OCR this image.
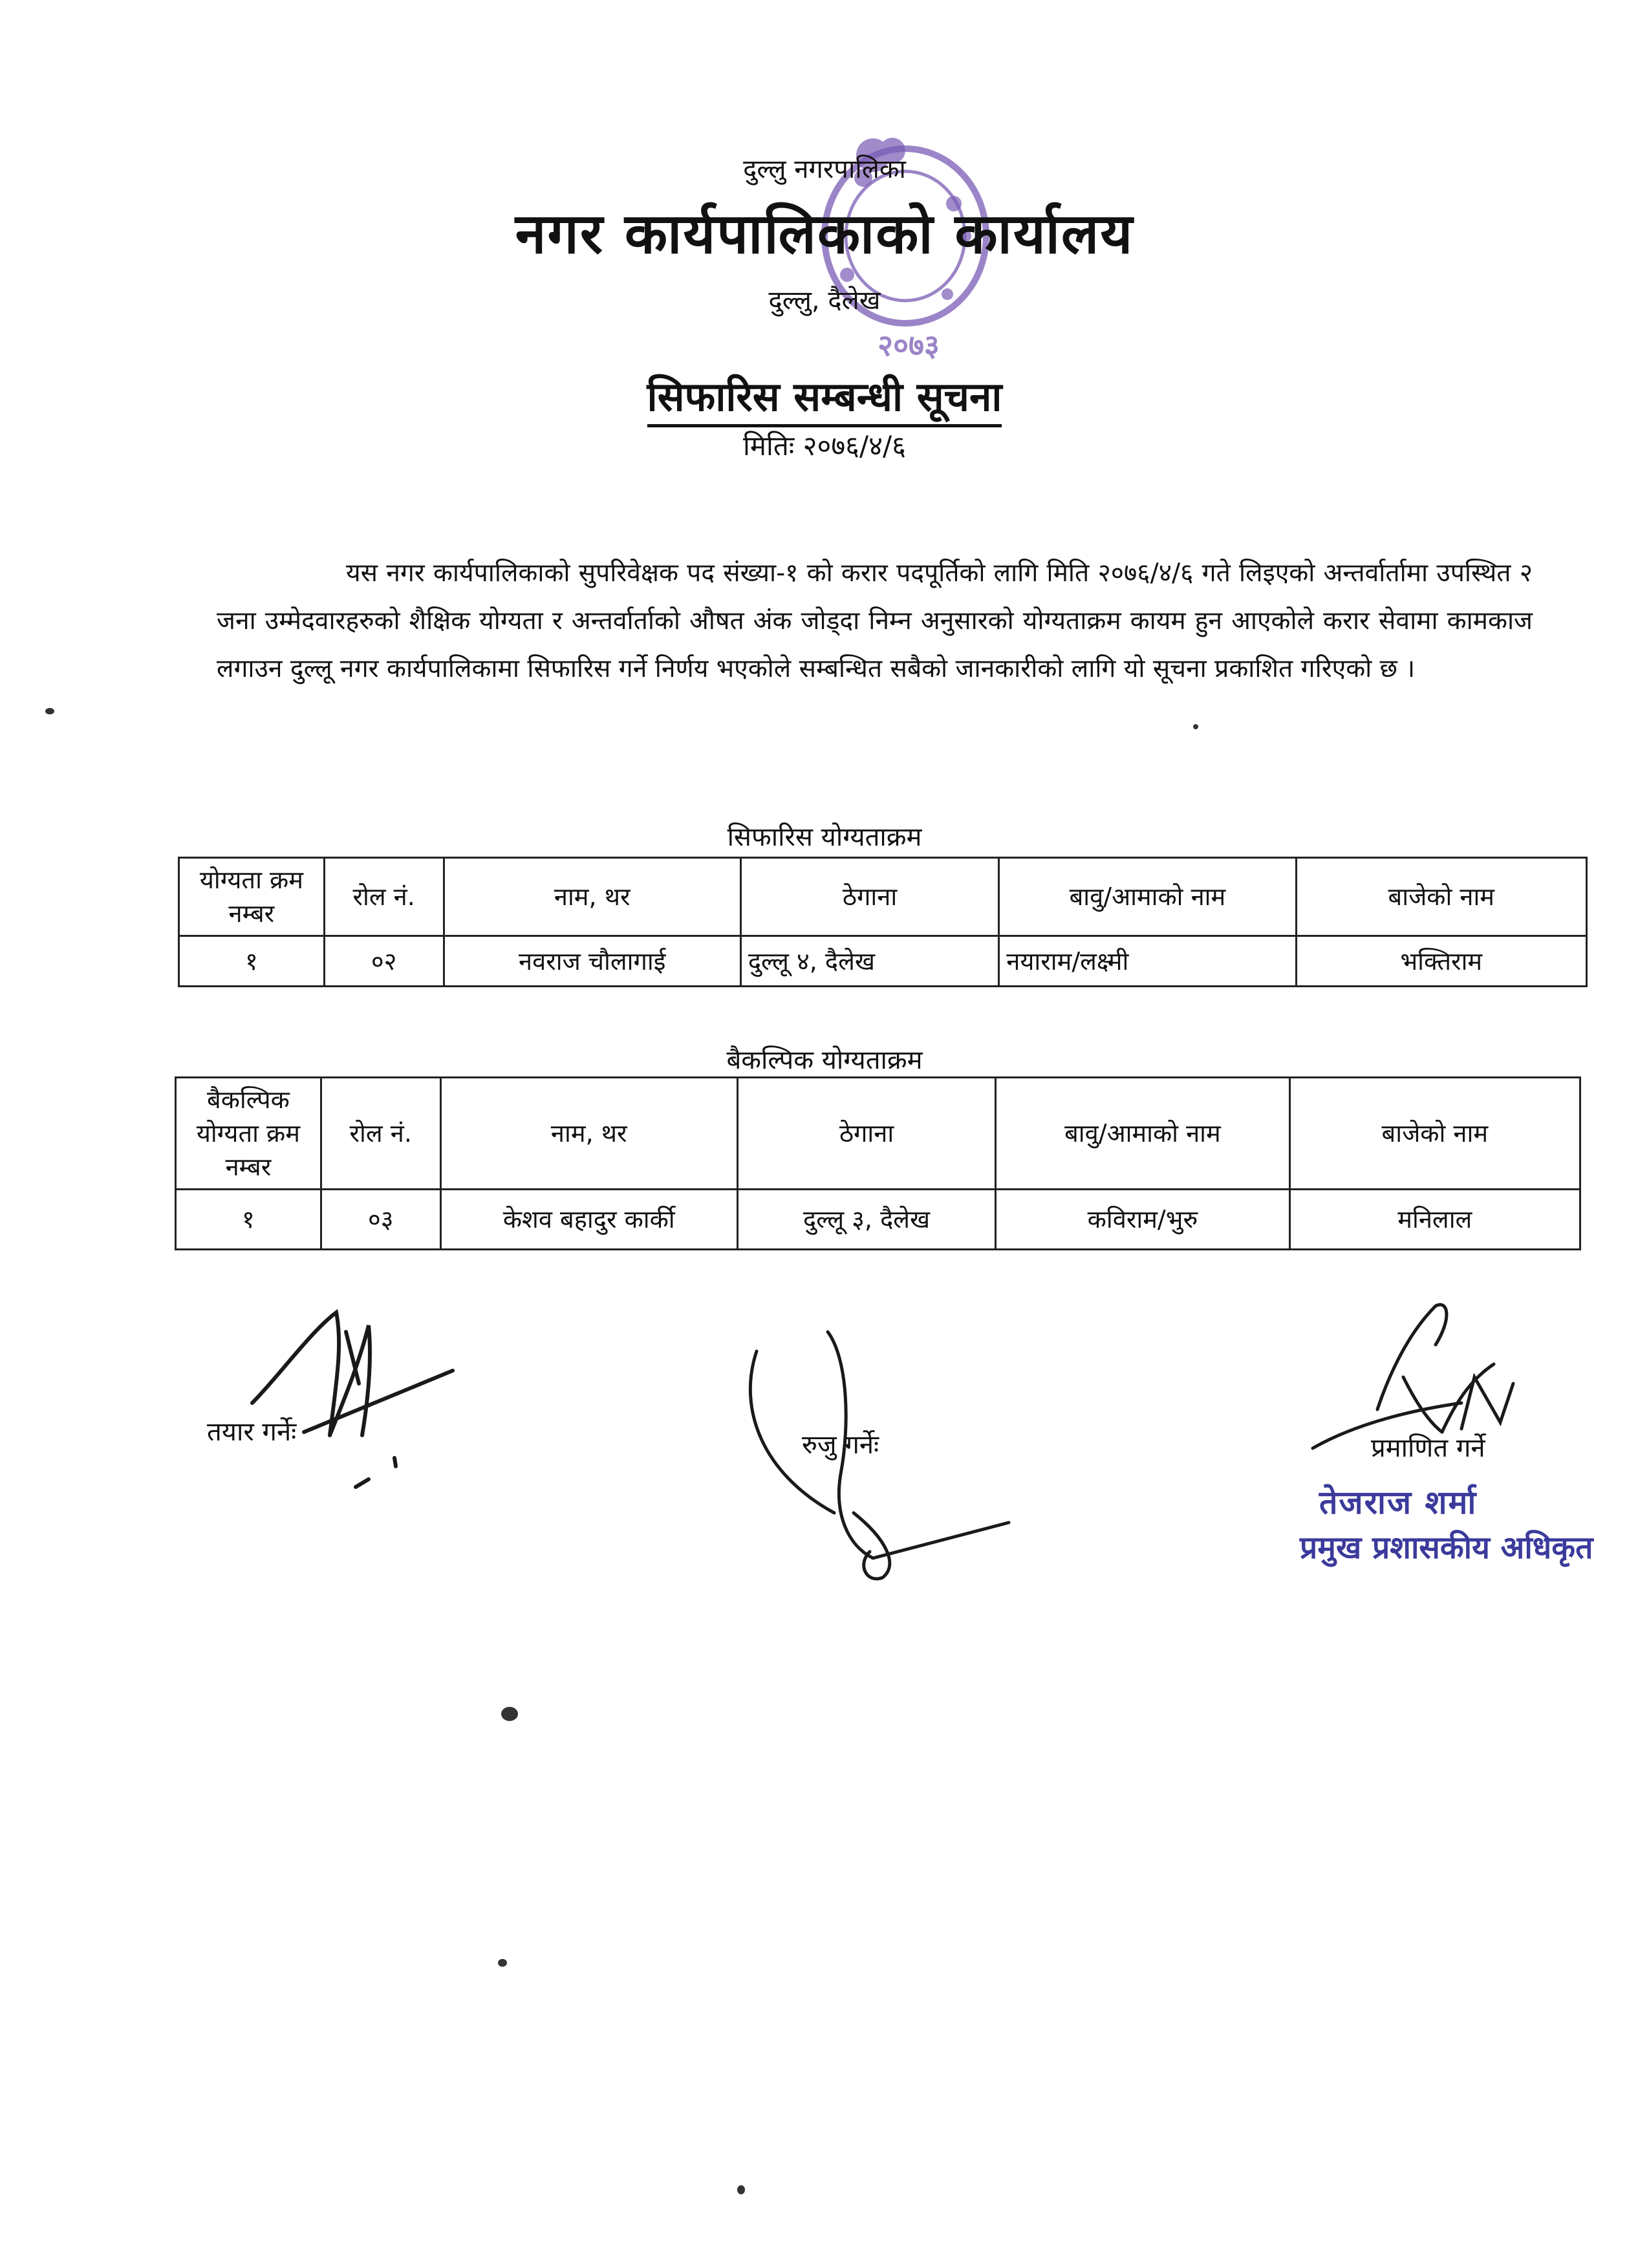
२०७३
दुल्लु नगरपालिका
नगर कार्यपालिकाको कार्यालय
दुल्लु, दैलेख
सिफारिस सम्बन्धी सूचना
मितिः २०७६/४/६
यस नगर कार्यपालिकाको सुपरिवेक्षक पद संख्या-१ को करार पदपूर्तिको लागि मिति २०७६/४/६ गते लिइएको अन्तर्वार्तामा उपस्थित २ जना उम्मेदवारहरुको शैक्षिक योग्यता र अन्तर्वार्ताको औषत अंक जोड्दा निम्न अनुसारको योग्यताक्रम कायम हुन आएकोले करार सेवामा कामकाज लगाउन दुल्लू नगर कार्यपालिकामा सिफारिस गर्ने निर्णय भएकोले सम्बन्धित सबैको जानकारीको लागि यो सूचना प्रकाशित गरिएको छ ।
सिफारिस योग्यताक्रम
योग्यता क्रम नम्बर	रोल नं.	नाम, थर	ठेगाना	बावु/आमाको नाम	बाजेको नाम
१	०२	नवराज चौलागाई	दुल्लू ४, दैलेख	नयाराम/लक्ष्मी	भक्तिराम
बैकल्पिक योग्यताक्रम
बैकल्पिक योग्यता क्रम नम्बर	रोल नं.	नाम, थर	ठेगाना	बावु/आमाको नाम	बाजेको नाम
१	०३	केशव बहादुर कार्की	दुल्लू ३, दैलेख	कविराम/भुरु	मनिलाल
तयार गर्नेः	रुजु गर्नेः	प्रमाणित गर्ने
तेजराज शर्मा
प्रमुख प्रशासकीय अधिकृत
